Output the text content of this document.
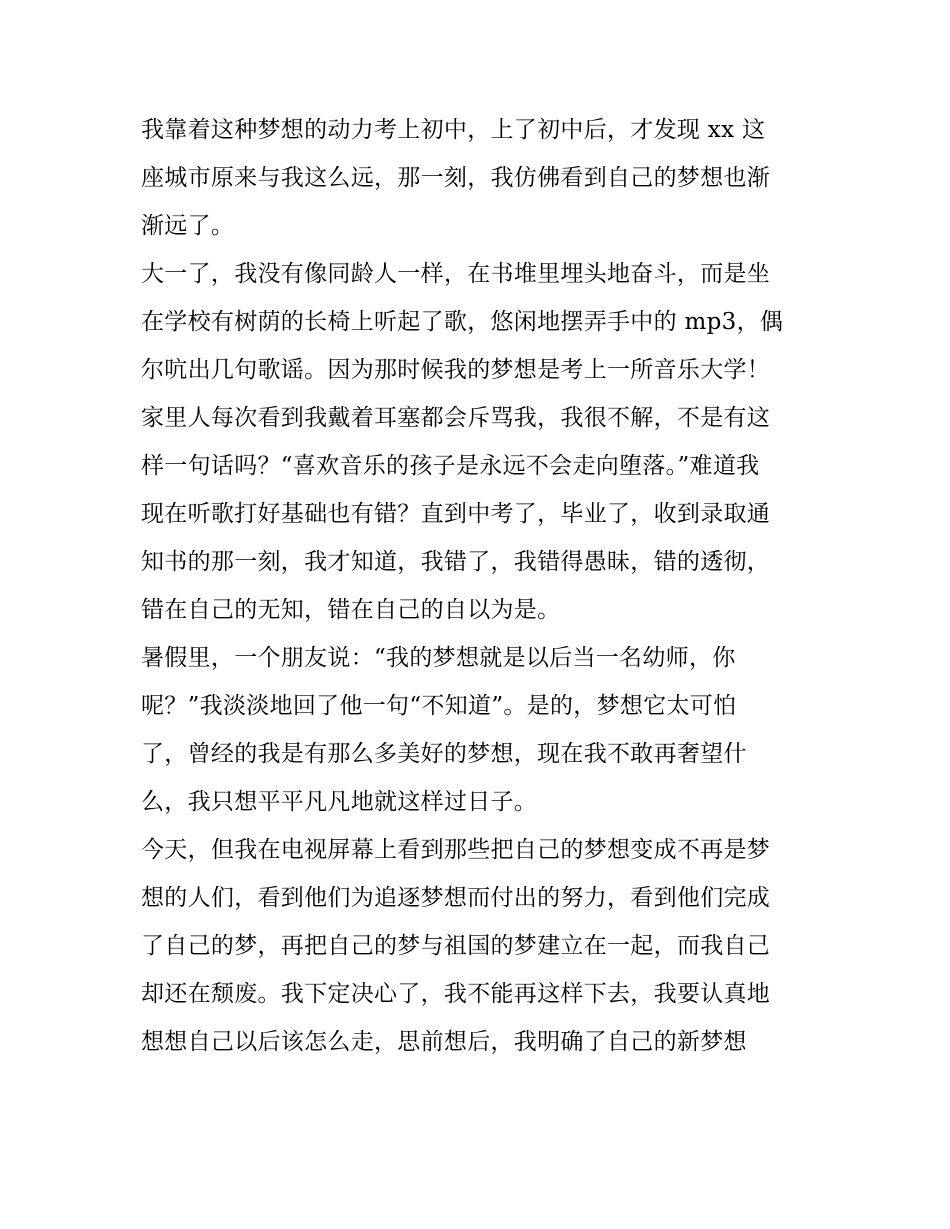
我靠着这种梦想的动力考上初中，上了初中后，才发现 xx 这
座城市原来与我这么远，那一刻，我仿佛看到自己的梦想也渐
渐远了。
大一了，我没有像同龄人一样，在书堆里埋头地奋斗，而是坐
在学校有树荫的长椅上听起了歌，悠闲地摆弄手中的 mp3，偶
尔吭出几句歌谣。因为那时候我的梦想是考上一所音乐大学！
家里人每次看到我戴着耳塞都会斥骂我，我很不解，不是有这
样一句话吗？“喜欢音乐的孩子是永远不会走向堕落。”难道我
现在听歌打好基础也有错？直到中考了，毕业了，收到录取通
知书的那一刻，我才知道，我错了，我错得愚昧，错的透彻，
错在自己的无知，错在自己的自以为是。
暑假里，一个朋友说：“我的梦想就是以后当一名幼师，你
呢？”我淡淡地回了他一句“不知道”。是的，梦想它太可怕
了，曾经的我是有那么多美好的梦想，现在我不敢再奢望什
么，我只想平平凡凡地就这样过日子。
今天，但我在电视屏幕上看到那些把自己的梦想变成不再是梦
想的人们，看到他们为追逐梦想而付出的努力，看到他们完成
了自己的梦，再把自己的梦与祖国的梦建立在一起，而我自己
却还在颓废。我下定决心了，我不能再这样下去，我要认真地
想想自己以后该怎么走，思前想后，我明确了自己的新梦想
